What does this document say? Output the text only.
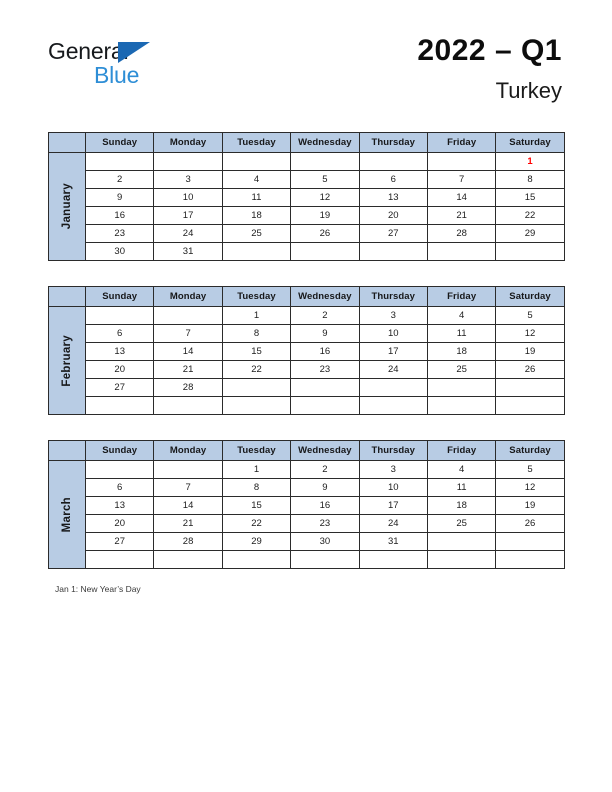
General
Blue
2022 – Q1
Turkey
	Sunday	Monday	Tuesday	Wednesday	Thursday	Friday	Saturday

January							1
	2	3	4	5	6	7	8
	9	10	11	12	13	14	15
	16	17	18	19	20	21	22
	23	24	25	26	27	28	29
	30	31					
	Sunday	Monday	Tuesday	Wednesday	Thursday	Friday	Saturday

February			1	2	3	4	5
	6	7	8	9	10	11	12
	13	14	15	16	17	18	19
	20	21	22	23	24	25	26
	27	28					

	Sunday	Monday	Tuesday	Wednesday	Thursday	Friday	Saturday

March			1	2	3	4	5
	6	7	8	9	10	11	12
	13	14	15	16	17	18	19
	20	21	22	23	24	25	26
	27	28	29	30	31		

Jan 1: New Year’s Day
